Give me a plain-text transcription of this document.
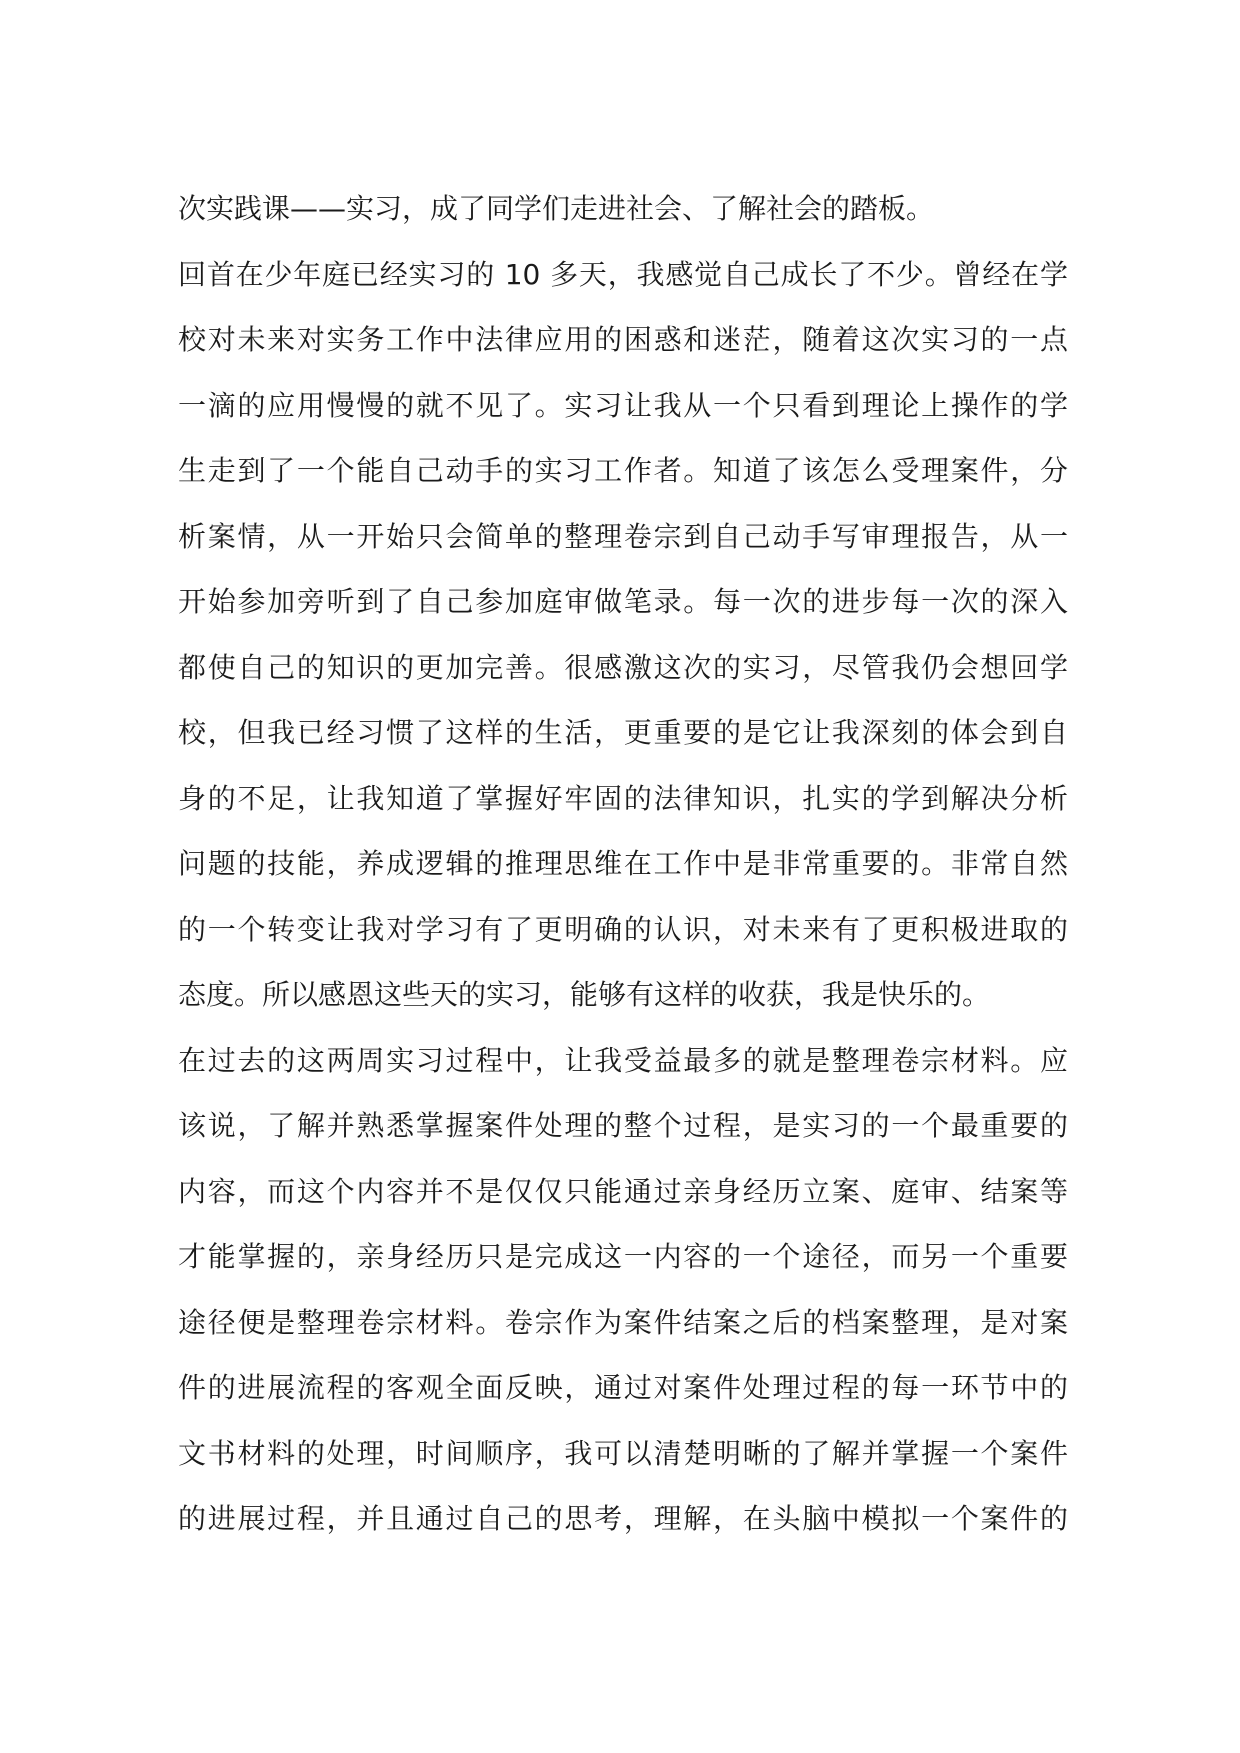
次实践课——实习，成了同学们走进社会、了解社会的踏板。
回首在少年庭已经实习的 10 多天，我感觉自己成长了不少。曾经在学
校对未来对实务工作中法律应用的困惑和迷茫，随着这次实习的一点
一滴的应用慢慢的就不见了。实习让我从一个只看到理论上操作的学
生走到了一个能自己动手的实习工作者。知道了该怎么受理案件，分
析案情，从一开始只会简单的整理卷宗到自己动手写审理报告，从一
开始参加旁听到了自己参加庭审做笔录。每一次的进步每一次的深入
都使自己的知识的更加完善。很感激这次的实习，尽管我仍会想回学
校，但我已经习惯了这样的生活，更重要的是它让我深刻的体会到自
身的不足，让我知道了掌握好牢固的法律知识，扎实的学到解决分析
问题的技能，养成逻辑的推理思维在工作中是非常重要的。非常自然
的一个转变让我对学习有了更明确的认识，对未来有了更积极进取的
态度。所以感恩这些天的实习，能够有这样的收获，我是快乐的。
在过去的这两周实习过程中，让我受益最多的就是整理卷宗材料。应
该说，了解并熟悉掌握案件处理的整个过程，是实习的一个最重要的
内容，而这个内容并不是仅仅只能通过亲身经历立案、庭审、结案等
才能掌握的，亲身经历只是完成这一内容的一个途径，而另一个重要
途径便是整理卷宗材料。卷宗作为案件结案之后的档案整理，是对案
件的进展流程的客观全面反映，通过对案件处理过程的每一环节中的
文书材料的处理，时间顺序，我可以清楚明晰的了解并掌握一个案件
的进展过程，并且通过自己的思考，理解，在头脑中模拟一个案件的
